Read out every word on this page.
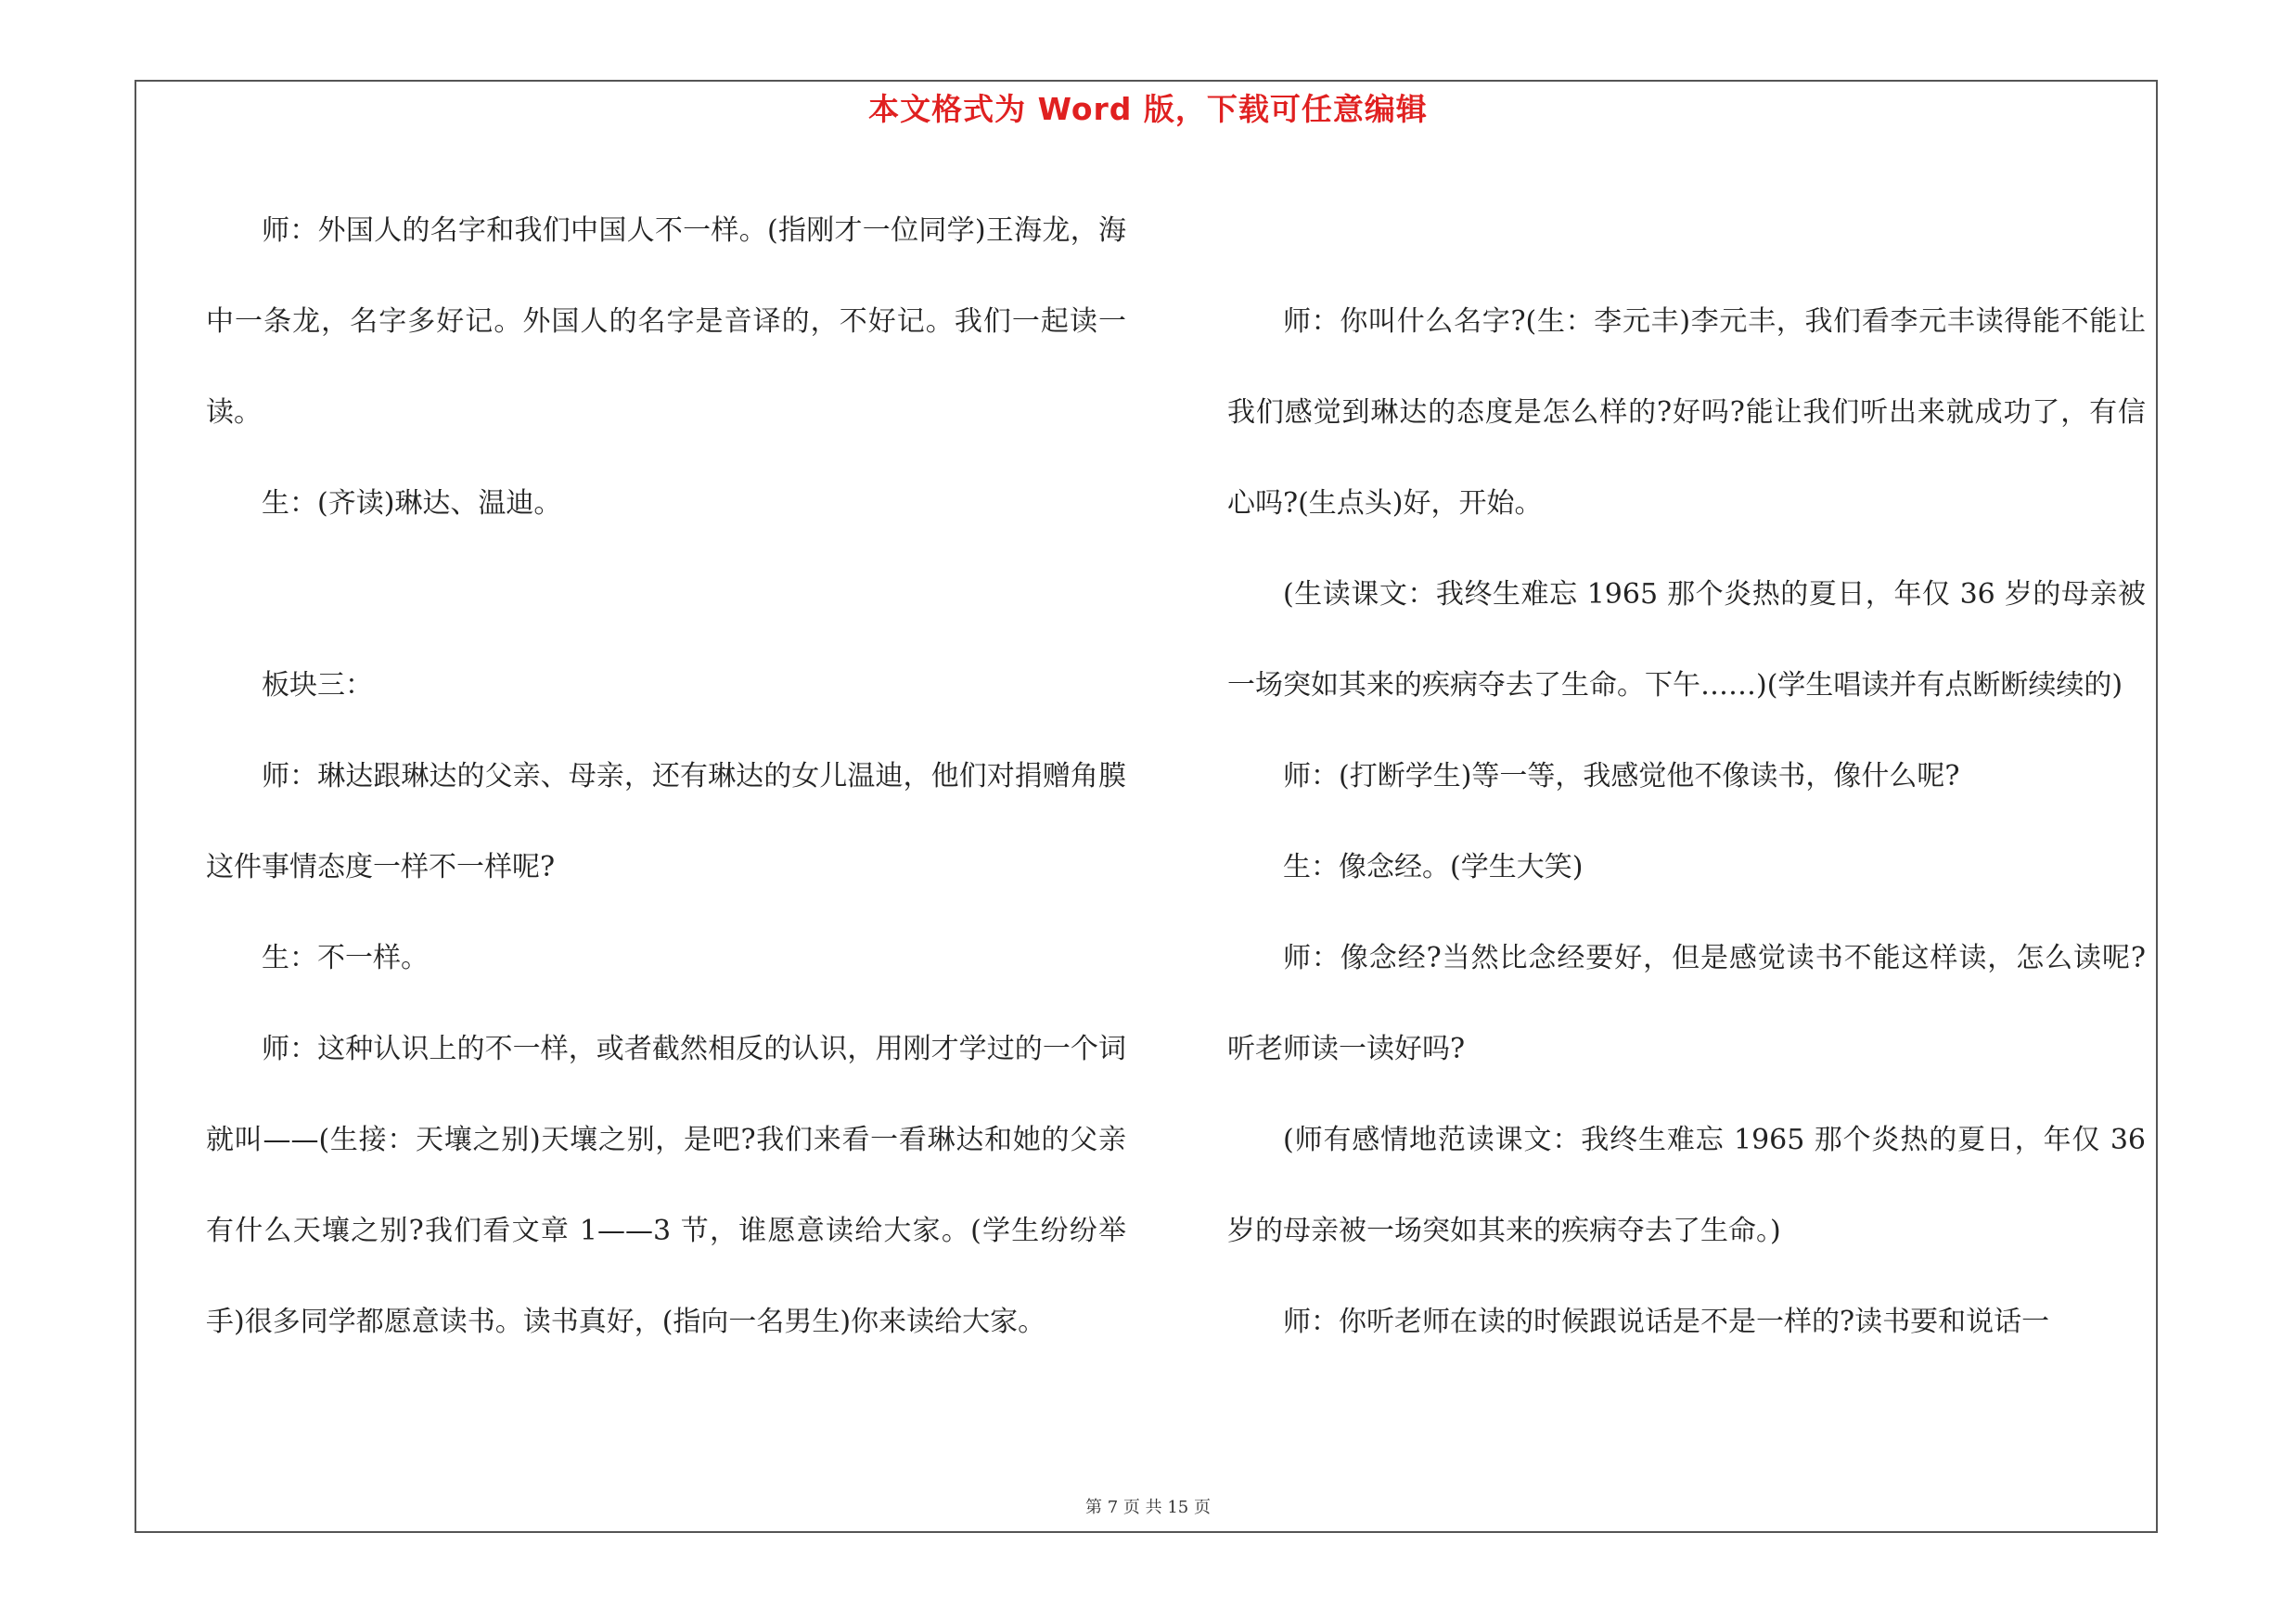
本文格式为 Word 版，下载可任意编辑

师：外国人的名字和我们中国人不一样。(指刚才一位同学)王海龙，海中一条龙，名字多好记。外国人的名字是音译的，不好记。我们一起读一读。

生：(齐读)琳达、温迪。

板块三：

师：琳达跟琳达的父亲、母亲，还有琳达的女儿温迪，他们对捐赠角膜这件事情态度一样不一样呢?

生：不一样。

师：这种认识上的不一样，或者截然相反的认识，用刚才学过的一个词就叫——(生接：天壤之别)天壤之别，是吧?我们来看一看琳达和她的父亲有什么天壤之别?我们看文章 1——3 节，谁愿意读给大家。(学生纷纷举手)很多同学都愿意读书。读书真好，(指向一名男生)你来读给大家。

师：你叫什么名字?(生：李元丰)李元丰，我们看李元丰读得能不能让我们感觉到琳达的态度是怎么样的?好吗?能让我们听出来就成功了，有信心吗?(生点头)好，开始。

(生读课文：我终生难忘 1965 那个炎热的夏日，年仅 36 岁的母亲被一场突如其来的疾病夺去了生命。下午……)(学生唱读并有点断断续续的)

师：(打断学生)等一等，我感觉他不像读书，像什么呢?

生：像念经。(学生大笑)

师：像念经?当然比念经要好，但是感觉读书不能这样读，怎么读呢?听老师读一读好吗?

(师有感情地范读课文：我终生难忘 1965 那个炎热的夏日，年仅 36 岁的母亲被一场突如其来的疾病夺去了生命。)

师：你听老师在读的时候跟说话是不是一样的?读书要和说话一

第 7 页 共 15 页
